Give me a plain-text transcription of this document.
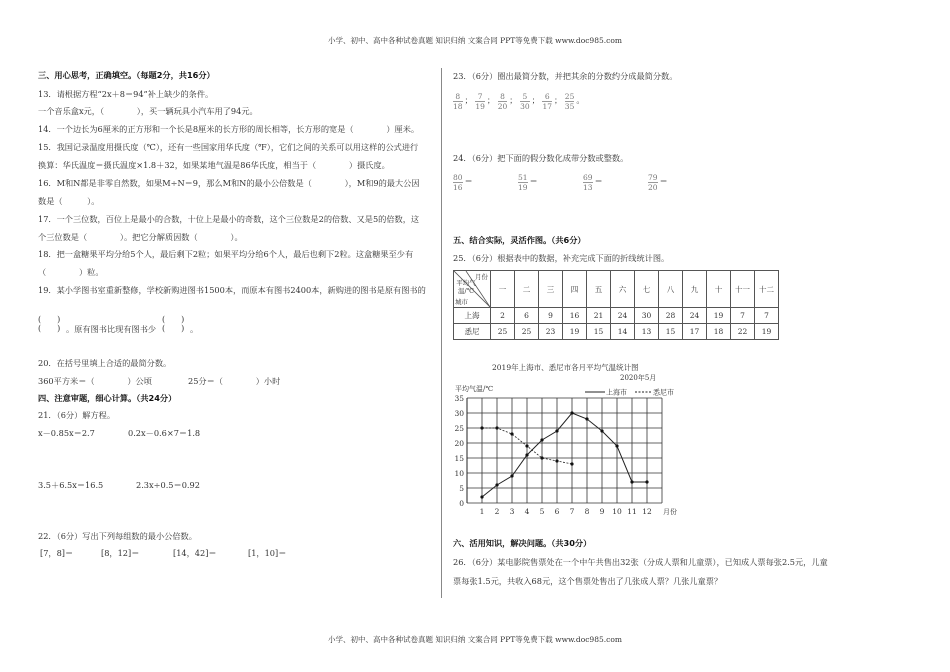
小学、初中、高中各种试卷真题 知识归纳 文案合同 PPT等免费下载 www.doc985.com
小学、初中、高中各种试卷真题 知识归纳 文案合同 PPT等免费下载 www.doc985.com
三、用心思考，正确填空。（每题2分，共16分）
13．请根据方程“2x＋8＝94”补上缺少的条件。
一个音乐盒x元，（　　　　），买一辆玩具小汽车用了94元。
14．一个边长为6厘米的正方形和一个长是8厘米的长方形的周长相等，长方形的宽是（　　　　）厘米。
15．我国记录温度用摄氏度（℃），还有一些国家用华氏度（℉），它们之间的关系可以用这样的公式进行
换算：华氏温度＝摄氏温度×1.8＋32，如果某地气温是86华氏度，相当于（　　　　）摄氏度。
16．M和N都是非零自然数，如果M÷N＝9，那么M和N的最小公倍数是（　　　　），M和9的最大公因
数是（　　　）。
17．一个三位数，百位上是最小的合数，十位上是最小的奇数，这个三位数是2的倍数、又是5的倍数，这
个三位数是（　　　　）。把它分解质因数（　　　　）。
18．把一盒糖果平均分给5个人，最后剩下2粒；如果平均分给6个人，最后也剩下2粒。这盒糖果至少有
（　　　　）粒。
19．某小学图书室重新整修，学校新购进图书1500本，而原本有图书2400本，新购进的图书是原有图书的
(　　)
(　　) 。原有图书比现有图书少
(　　)
(　　) 。
20．在括号里填上合适的最简分数。
360平方米＝（　　　　）公顷	25分＝（　　　　）小时
四、注意审题，细心计算。（共24分）
21．（6分）解方程。
x－0.85x＝2.7	0.2x－0.6×7＝1.8
3.5＋6.5x＝16.5	2.3x÷0.5＝0.92
22．（6分）写出下列每组数的最小公倍数。
[7，8]＝	[8，12]＝	[14，42]＝	[1，10]＝
23．（6分）圈出最简分数，并把其余的分数约分成最简分数。
$\frac{8}{18}$ ； $\frac{7}{19}$ ； $\frac{8}{20}$ ； $\frac{5}{30}$ ； $\frac{6}{17}$ ； $\frac{25}{35}$ 。
24．（6分）把下面的假分数化成带分数或整数。
$\frac{80}{16}$ ＝	$\frac{51}{19}$ ＝	$\frac{69}{13}$ ＝	$\frac{79}{20}$ ＝
五、结合实际，灵活作图。（共6分）
25．（6分）根据表中的数据，补充完成下面的折线统计图。
月份
平均气温/℃
城市	一	二	三	四	五	六	七	八	九	十	十一	十二
上海	2	6	9	16	21	24	30	28	24	19	7	7
悉尼	25	25	23	19	15	14	13	15	17	18	22	19
2019年上海市、悉尼市各月平均气温统计图
2020年5月
0
5
10
15
20
25
30
35
1 2 3 4 5 6 7 8 9 10 11 12 月份
平均气温/℃	上海市	悉尼市
六、活用知识，解决问题。（共30分）
26．（6分）某电影院售票处在一个中午共售出32张（分成人票和儿童票），已知成人票每张2.5元，儿童
票每张1.5元，共收入68元，这个售票处售出了几张成人票？几张儿童票？
